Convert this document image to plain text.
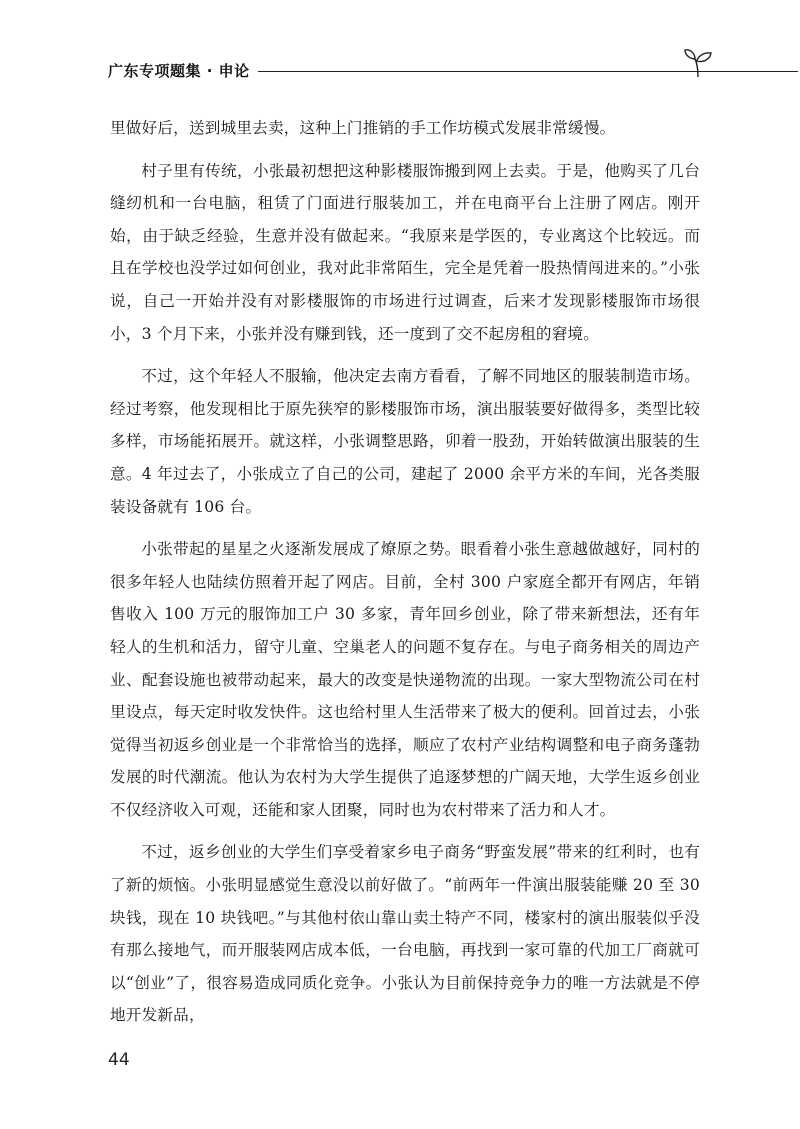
广东专项题集 · 申论

里做好后，送到城里去卖，这种上门推销的手工作坊模式发展非常缓慢。

村子里有传统，小张最初想把这种影楼服饰搬到网上去卖。于是，他购买了几台缝纫机和一台电脑，租赁了门面进行服装加工，并在电商平台上注册了网店。刚开始，由于缺乏经验，生意并没有做起来。“我原来是学医的，专业离这个比较远。而且在学校也没学过如何创业，我对此非常陌生，完全是凭着一股热情闯进来的。”小张说，自己一开始并没有对影楼服饰的市场进行过调查，后来才发现影楼服饰市场很小，3 个月下来，小张并没有赚到钱，还一度到了交不起房租的窘境。

不过，这个年轻人不服输，他决定去南方看看，了解不同地区的服装制造市场。经过考察，他发现相比于原先狭窄的影楼服饰市场，演出服装要好做得多，类型比较多样，市场能拓展开。就这样，小张调整思路，卯着一股劲，开始转做演出服装的生意。4 年过去了，小张成立了自己的公司，建起了 2000 余平方米的车间，光各类服装设备就有 106 台。

小张带起的星星之火逐渐发展成了燎原之势。眼看着小张生意越做越好，同村的很多年轻人也陆续仿照着开起了网店。目前，全村 300 户家庭全都开有网店，年销售收入 100 万元的服饰加工户 30 多家，青年回乡创业，除了带来新想法，还有年轻人的生机和活力，留守儿童、空巢老人的问题不复存在。与电子商务相关的周边产业、配套设施也被带动起来，最大的改变是快递物流的出现。一家大型物流公司在村里设点，每天定时收发快件。这也给村里人生活带来了极大的便利。回首过去，小张觉得当初返乡创业是一个非常恰当的选择，顺应了农村产业结构调整和电子商务蓬勃发展的时代潮流。他认为农村为大学生提供了追逐梦想的广阔天地，大学生返乡创业不仅经济收入可观，还能和家人团聚，同时也为农村带来了活力和人才。

不过，返乡创业的大学生们享受着家乡电子商务“野蛮发展”带来的红利时，也有了新的烦恼。小张明显感觉生意没以前好做了。“前两年一件演出服装能赚 20 至 30 块钱，现在 10 块钱吧。”与其他村依山靠山卖土特产不同，楼家村的演出服装似乎没有那么接地气，而开服装网店成本低，一台电脑，再找到一家可靠的代加工厂商就可以“创业”了，很容易造成同质化竞争。小张认为目前保持竞争力的唯一方法就是不停地开发新品，

44
